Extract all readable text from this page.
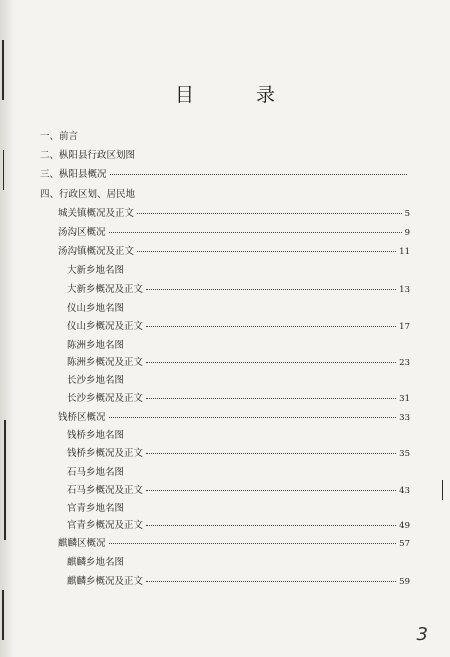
目 录
一、前言
二、枞阳县行政区划图
三、枞阳县概况
四、行政区划、居民地
城关镇概况及正文	5
汤沟区概况	9
汤沟镇概况及正文	11
大新乡地名图
大新乡概况及正文	13
仪山乡地名图
仪山乡概况及正文	17
陈洲乡地名图
陈洲乡概况及正文	23
长沙乡地名图
长沙乡概况及正文	31
钱桥区概况	33
钱桥乡地名图
钱桥乡概况及正文	35
石马乡地名图
石马乡概况及正文	43
官青乡地名图
官青乡概况及正文	49
麒麟区概况	57
麒麟乡地名图
麒麟乡概况及正文	59
3
